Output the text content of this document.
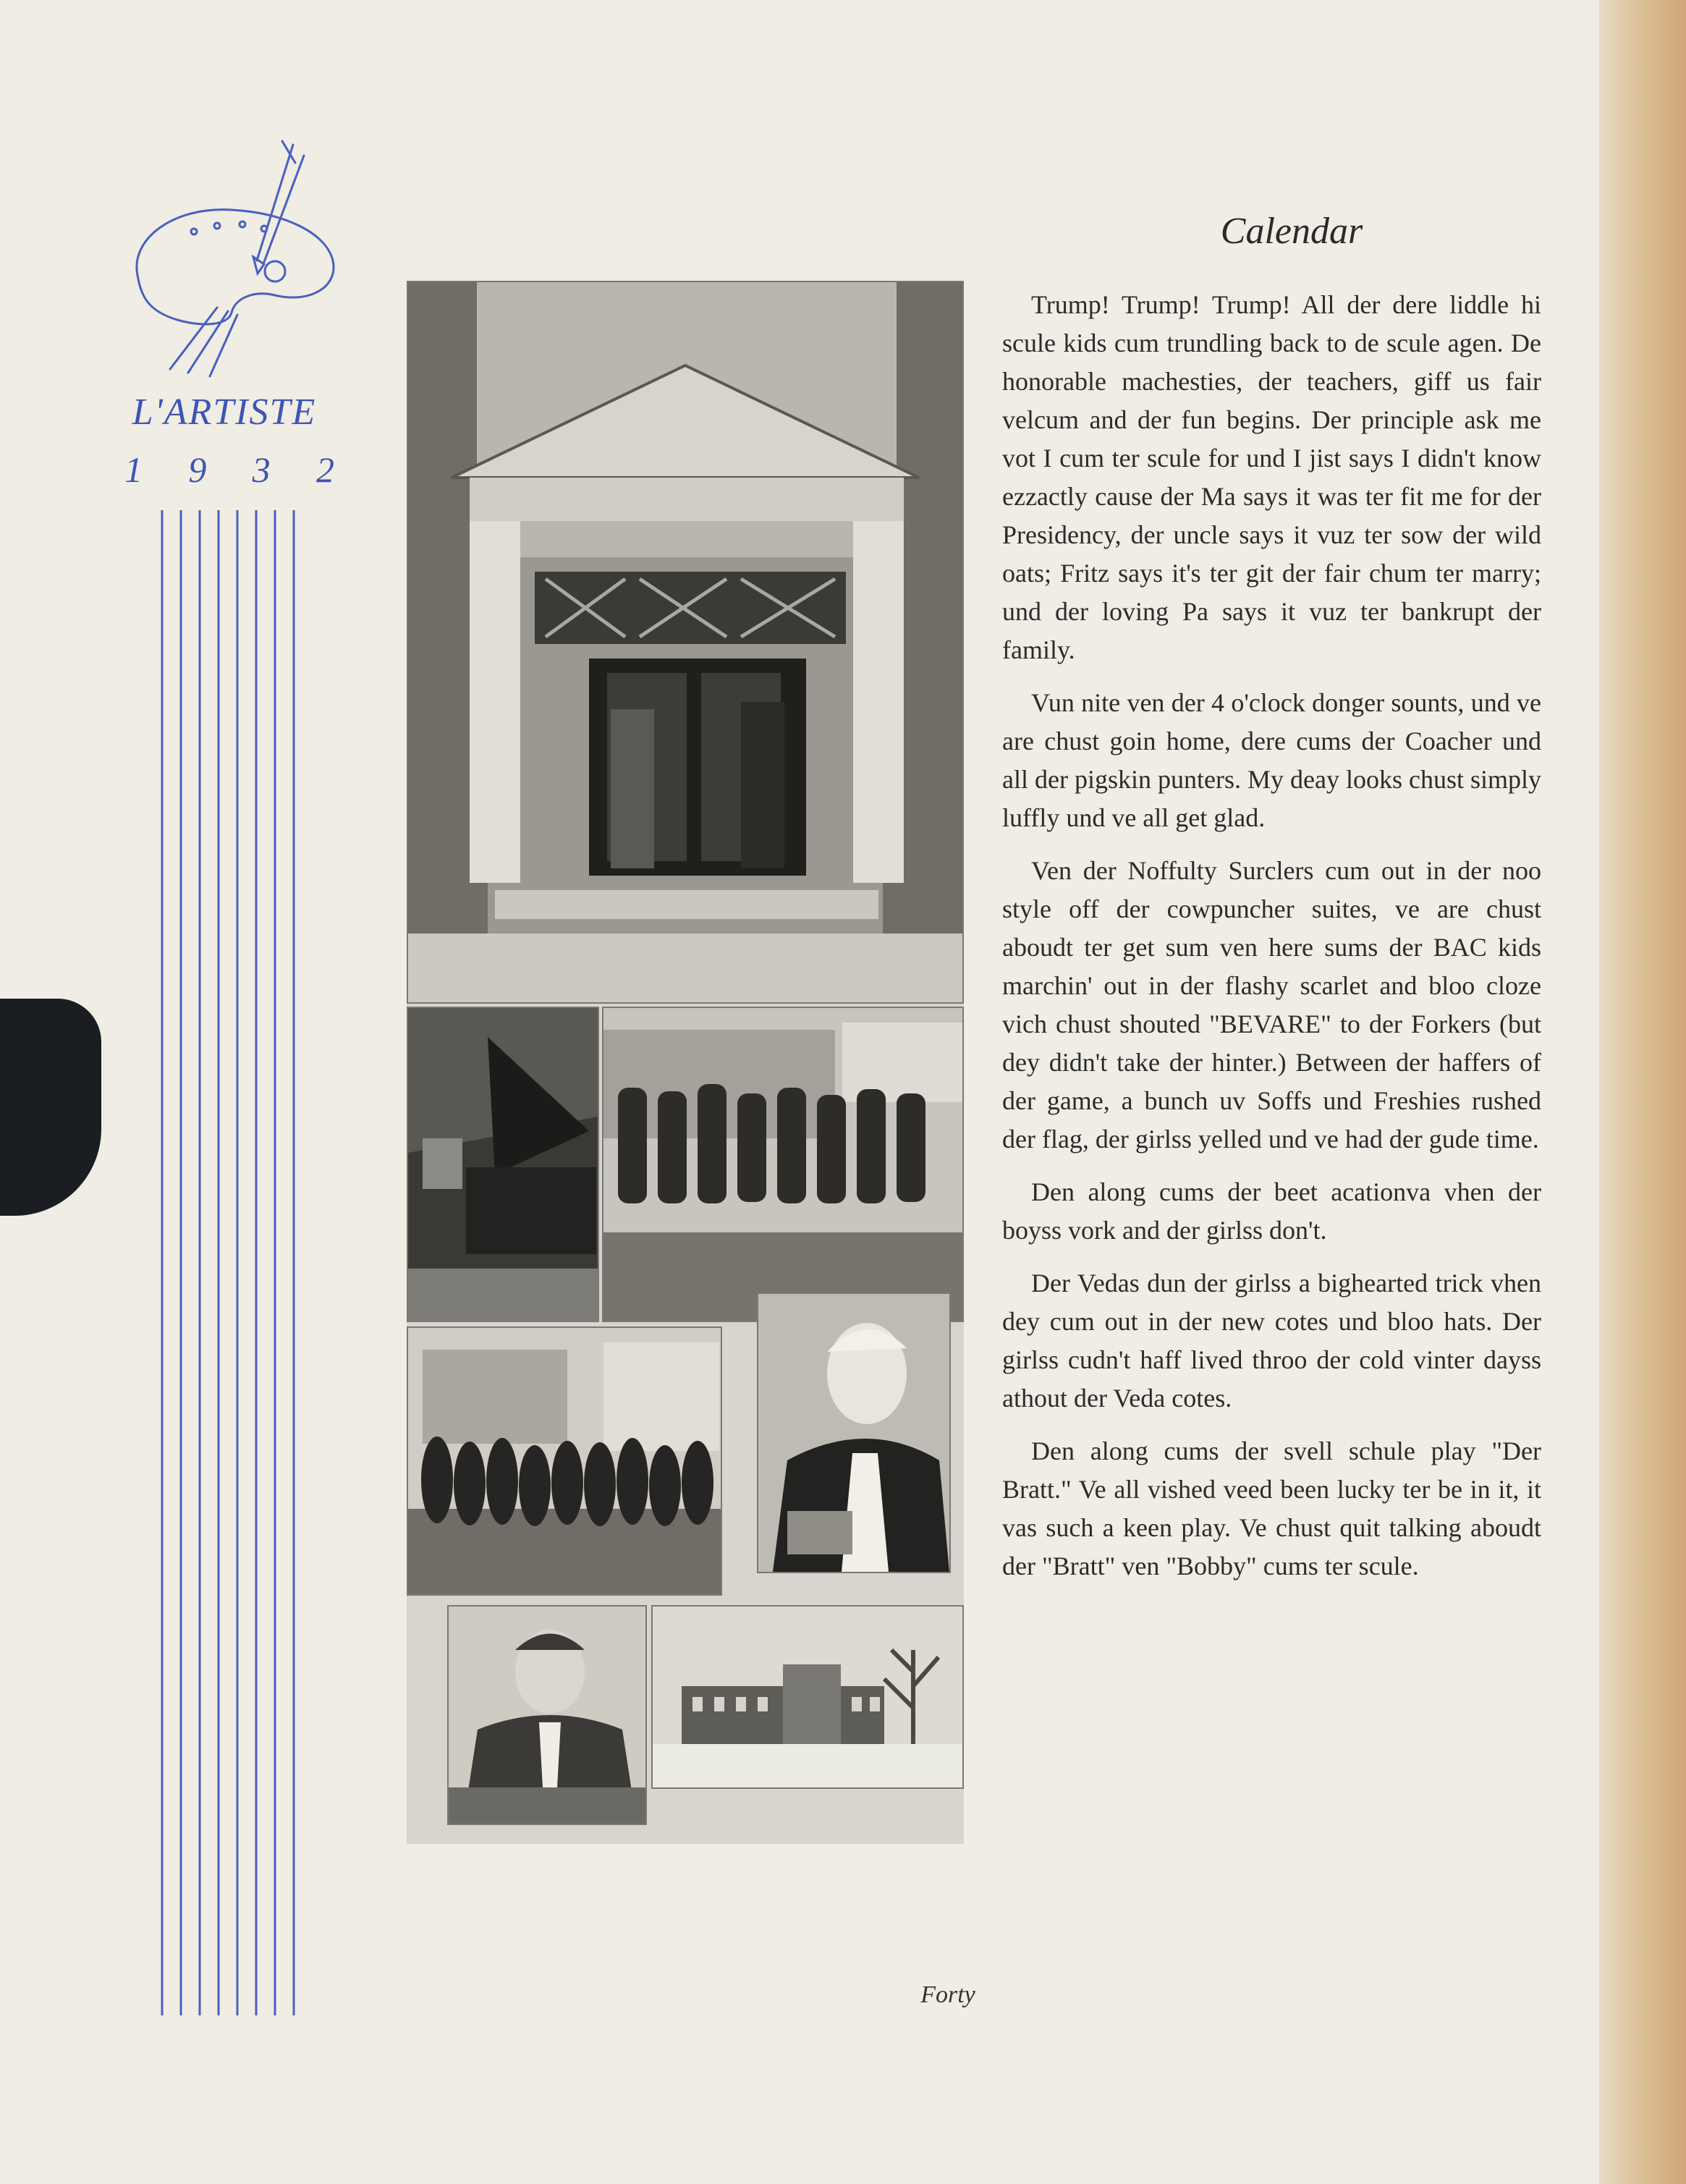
L'ARTISTE
1 9 3 2
Calendar

Trump! Trump! Trump! All der dere liddle hi scule kids cum trundling back to de scule agen. De honorable machesties, der teachers, giff us fair velcum and der fun begins. Der principle ask me vot I cum ter scule for und I jist says I didn't know ezzactly cause der Ma says it was ter fit me for der Presidency, der uncle says it vuz ter sow der wild oats; Fritz says it's ter git der fair chum ter marry; und der loving Pa says it vuz ter bankrupt der family.

Vun nite ven der 4 o'clock donger sounts, und ve are chust goin home, dere cums der Coacher und all der pigskin punters. My deay looks chust simply luffly und ve all get glad.

Ven der Noffulty Surclers cum out in der noo style off der cowpuncher suites, ve are chust aboudt ter get sum ven here sums der BAC kids marchin' out in der flashy scarlet and bloo cloze vich chust shouted "BEVARE" to der Forkers (but dey didn't take der hinter.) Between der haffers of der game, a bunch uv Soffs und Freshies rushed der flag, der girlss yelled und ve had der gude time.

Den along cums der beet acationva vhen der boyss vork and der girlss don't.

Der Vedas dun der girlss a bighearted trick vhen dey cum out in der new cotes und bloo hats. Der girlss cudn't haff lived throo der cold vinter dayss athout der Veda cotes.

Den along cums der svell schule play "Der Bratt." Ve all vished veed been lucky ter be in it, it vas such a keen play. Ve chust quit talking aboudt der "Bratt" ven "Bobby" cums ter scule.

Forty
